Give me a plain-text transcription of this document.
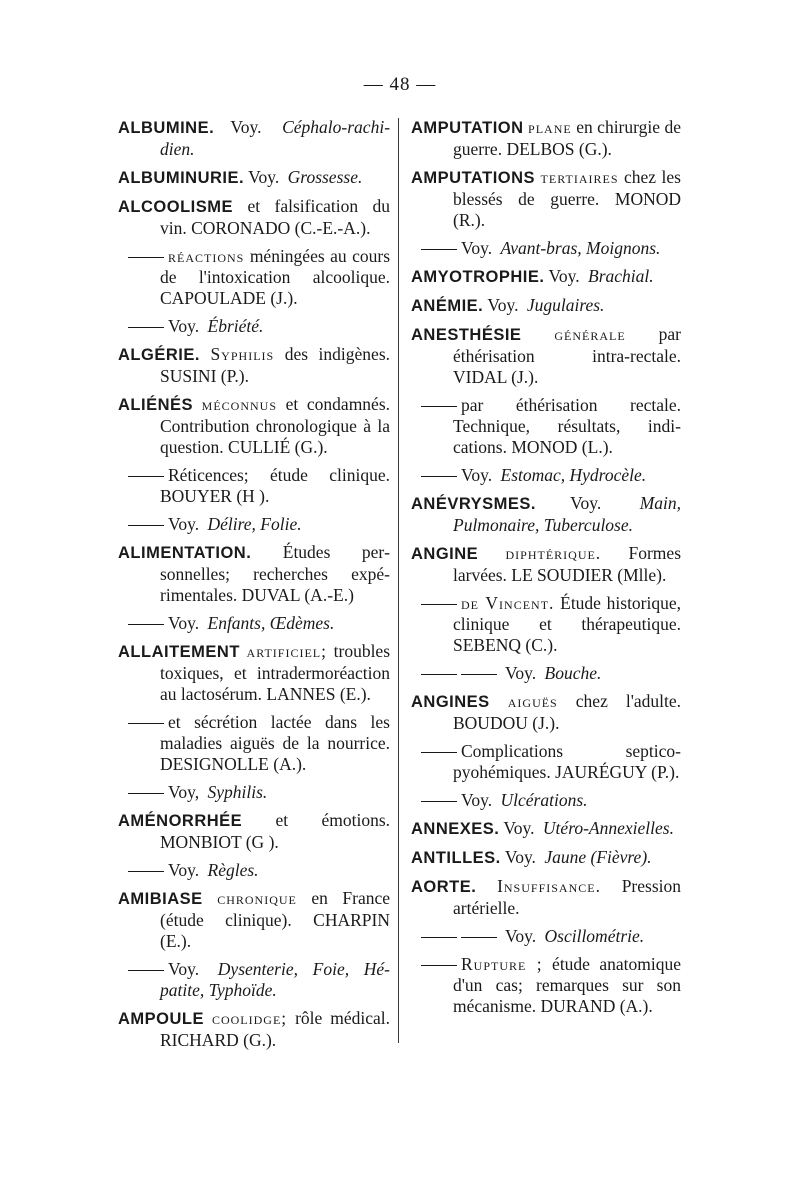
— 48 —

ALBUMINE. Voy. Céphalo-rachidien.

ALBUMINURIE. Voy. Grossesse.

ALCOOLISME et falsification du vin. CORONADO (C.-E.-A.).

réactions méningées au cours de l'intoxication alcoolique. CAPOULADE (J.).

Voy. Ébriété.

ALGÉRIE. Syphilis des indigènes. SUSINI (P.).

ALIÉNÉS méconnus et condamnés. Contribution chronologique à la question. CULLIÉ (G.).

Réticences; étude clinique. BOUYER (H ).

Voy. Délire, Folie.

ALIMENTATION. Études personnelles; recherches expérimentales. DUVAL (A.-E.)

Voy. Enfants, Œdèmes.

ALLAITEMENT artificiel; troubles toxiques, et intradermoréaction au lactosérum. LANNES (E.).

et sécrétion lactée dans les maladies aiguës de la nourrice. DESIGNOLLE (A.).

Voy, Syphilis.

AMÉNORRHÉE et émotions. MONBIOT (G ).

Voy. Règles.

AMIBIASE chronique en France (étude clinique). CHARPIN (E.).

Voy. Dysenterie, Foie, Hépatite, Typhoïde.

AMPOULE coolidge; rôle médical. RICHARD (G.).

AMPUTATION plane en chirurgie de guerre. DELBOS (G.).

AMPUTATIONS tertiaires chez les blessés de guerre. MONOD (R.).

Voy. Avant-bras, Moignons.

AMYOTROPHIE. Voy. Brachial.

ANÉMIE. Voy. Jugulaires.

ANESTHÉSIE générale par éthérisation intra-rectale. VIDAL (J.).

par éthérisation rectale. Technique, résultats, indications. MONOD (L.).

Voy. Estomac, Hydrocèle.

ANÉVRYSMES. Voy. Main, Pulmonaire, Tuberculose.

ANGINE diphtérique. Formes larvées. LE SOUDIER (Mlle).

de Vincent. Étude historique, clinique et thérapeutique. SEBENQ (C.).

Voy. Bouche.

ANGINES aiguës chez l'adulte. BOUDOU (J.).

Complications septicopyohémiques. JAURÉGUY (P.).

Voy. Ulcérations.

ANNEXES. Voy. Utéro-Annexielles.

ANTILLES. Voy. Jaune (Fièvre).

AORTE. Insuffisance. Pression artérielle.

Voy. Oscillométrie.

Rupture ; étude anatomique d'un cas; remarques sur son mécanisme. DURAND (A.).
